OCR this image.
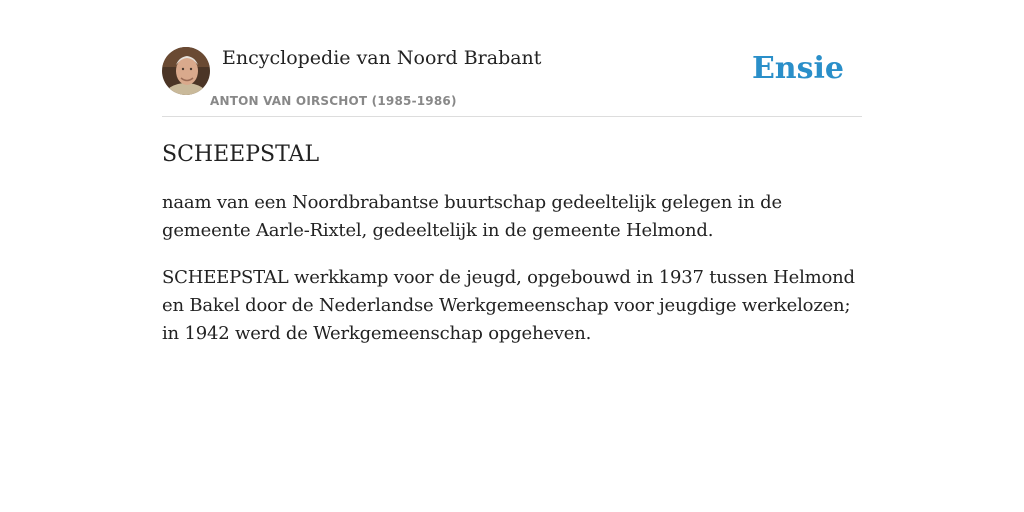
Encyclopedie van Noord Brabant
ANTON VAN OIRSCHOT (1985-1986)
Ensie
SCHEEPSTAL

naam van een Noordbrabantse buurtschap gedeeltelijk gelegen in de gemeente Aarle-Rixtel, gedeeltelijk in de gemeente Helmond.

SCHEEPSTAL werkkamp voor de jeugd, opgebouwd in 1937 tussen Helmond en Bakel door de Nederlandse Werkgemeenschap voor jeugdige werkelozen; in 1942 werd de Werkgemeenschap opgeheven.
